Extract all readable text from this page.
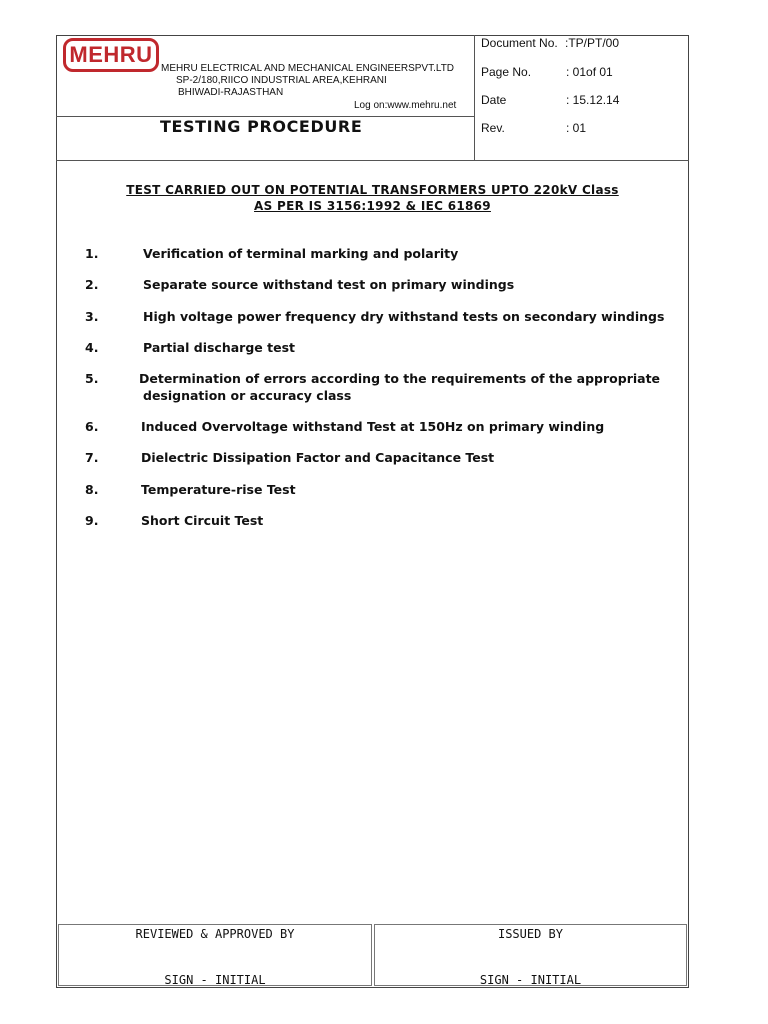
MEHRU
MEHRU ELECTRICAL AND MECHANICAL ENGINEERSPVT.LTD
SP-2/180,RIICO INDUSTRIAL AREA,KEHRANI
BHIWADI-RAJASTHAN
Log on:www.mehru.net
TESTING PROCEDURE
Document No. :TP/PT/00
Page No.	: 01of 01
Date	: 15.12.14
Rev.	: 01
TEST CARRIED OUT ON POTENTIAL TRANSFORMERS UPTO 220kV Class
AS PER IS 3156:1992 & IEC 61869
1.	Verification of terminal marking and polarity
2.	Separate source withstand test on primary windings
3.	High voltage power frequency dry withstand tests on secondary windings
4.	Partial discharge test
5.	Determination of errors according to the requirements of the appropriate
designation or accuracy class
6.	Induced Overvoltage withstand Test at 150Hz on primary winding
7.	Dielectric Dissipation Factor and Capacitance Test
8.	Temperature-rise Test
9.	Short Circuit Test
REVIEWED & APPROVED BY	ISSUED BY
SIGN - INITIAL	SIGN - INITIAL
